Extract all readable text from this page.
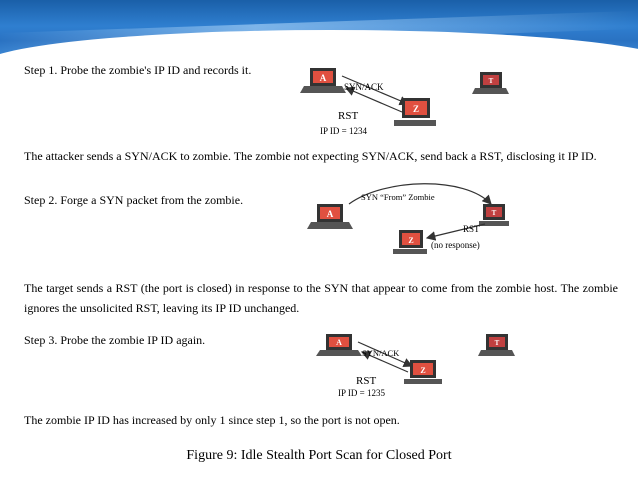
Step 1. Probe the zombie's IP ID and records it.
A
SYN/ACK
Z
RST
IP ID = 1234
T
The attacker sends a SYN/ACK to zombie. The zombie not expecting SYN/ACK, send back a RST, disclosing it IP ID.
Step 2. Forge a SYN packet from the zombie.
A
SYN “From” Zombie
T
RST
Z (no response)
The target sends a RST (the port is closed) in response to the SYN that appear to come from the zombie host. The zombie ignores the unsolicited RST, leaving its IP ID unchanged.
Step 3. Probe the zombie IP ID again.	A
SYN/ACK
Z
RST
IP ID = 1235
T
The zombie IP ID has increased by only 1 since step 1, so the port is not open.
Figure 9: Idle Stealth Port Scan for Closed Port
